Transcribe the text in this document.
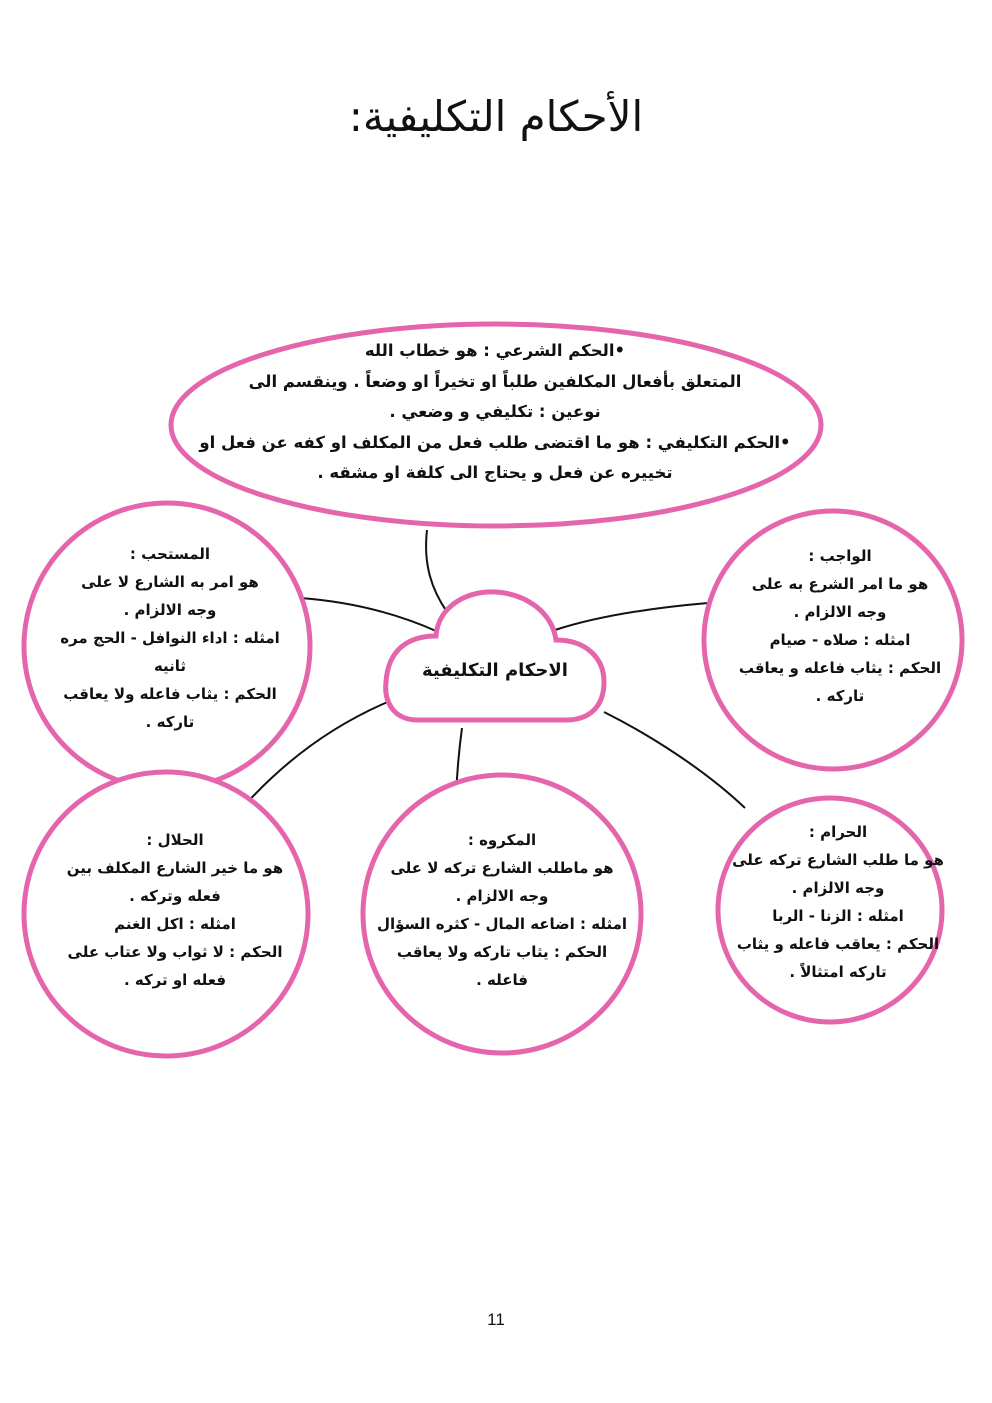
الأحكام التكليفية:
•الحكم الشرعي : هو خطاب الله
المتعلق بأفعال المكلفين طلباً او تخيراً او وضعاً . وينقسم الى
نوعين : تكليفي و وضعي .
•الحكم التكليفي : هو ما اقتضى طلب فعل من المكلف او كفه عن فعل او
تخييره عن فعل و يحتاج الى كلفة او مشقه .
الاحكام التكليفية
الواجب :
هو ما امر الشرع به على
وجه الالزام .
امثله : صلاه - صيام
الحكم : يثاب فاعله و يعاقب
تاركه .
المستحب :
هو امر به الشارع لا على
وجه الالزام .
امثله : اداء النوافل - الحج مره
ثانيه
الحكم : يثاب فاعله ولا يعاقب
تاركه .
الحرام :
هو ما طلب الشارع تركه على
وجه الالزام .
امثله : الزنا - الربا
الحكم : يعاقب فاعله و يثاب
تاركه امتثالاً .
المكروه :
هو ماطلب الشارع تركه لا على
وجه الالزام .
امثله : اضاعه المال - كثره السؤال
الحكم : يثاب تاركه ولا يعاقب
فاعله .
الحلال :
هو ما خير الشارع المكلف بين
فعله وتركه .
امثله : اكل الغنم
الحكم : لا ثواب ولا عتاب على
فعله او تركه .
11
